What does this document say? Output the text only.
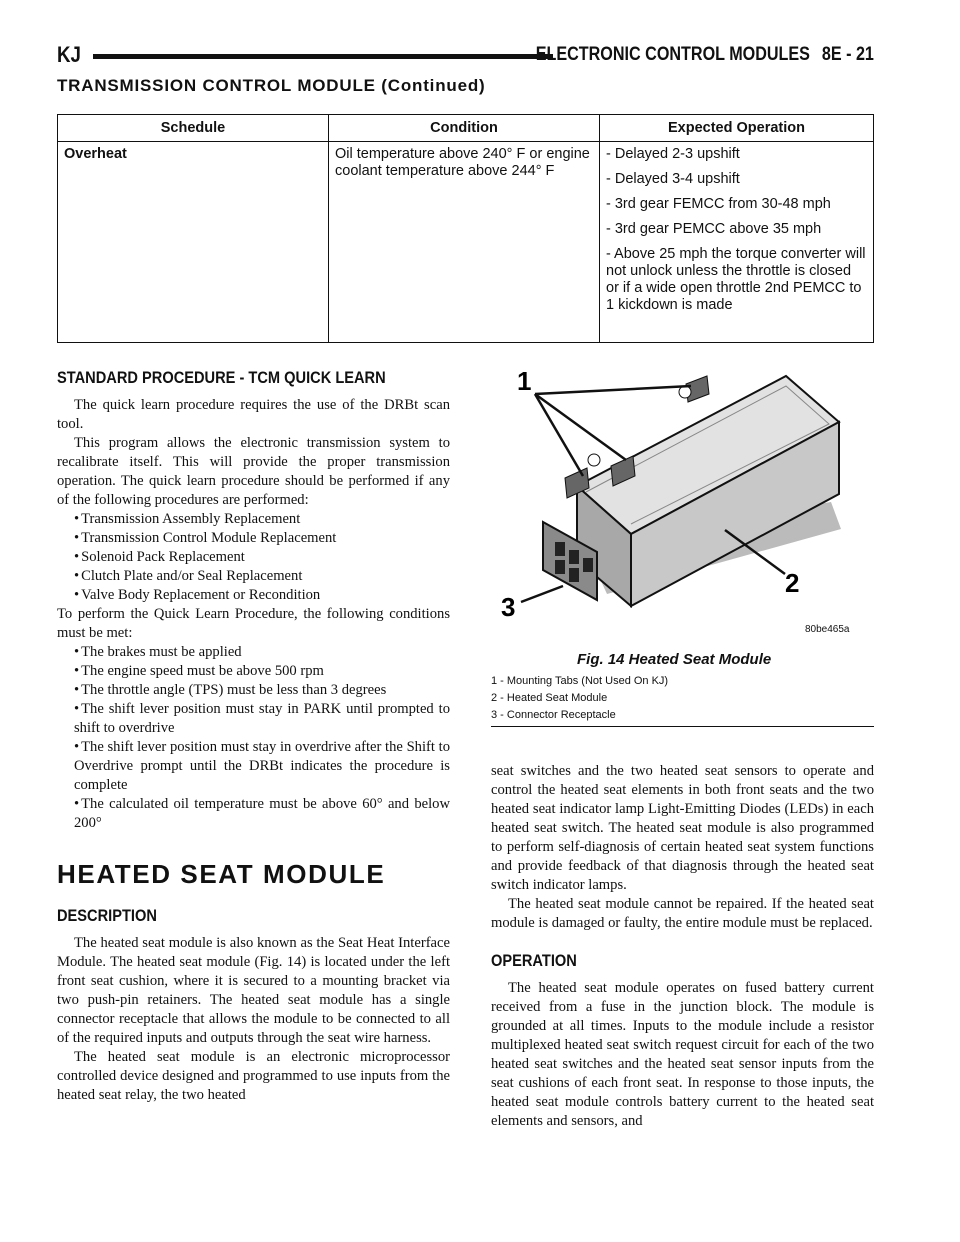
KJ	ELECTRONIC CONTROL MODULES 8E - 21
TRANSMISSION CONTROL MODULE (Continued)
Schedule	Condition	Expected Operation
Overheat	Oil temperature above 240° F or engine coolant temperature above 244° F	- Delayed 2-3 upshift

- Delayed 3-4 upshift

- 3rd gear FEMCC from 30-48 mph

- 3rd gear PEMCC above 35 mph

- Above 25 mph the torque converter will not unlock unless the throttle is closed or if a wide open throttle 2nd PEMCC to 1 kickdown is made

STANDARD PROCEDURE - TCM QUICK LEARN

The quick learn procedure requires the use of the DRBt scan tool.

This program allows the electronic transmission system to recalibrate itself. This will provide the proper transmission operation. The quick learn procedure should be performed if any of the following procedures are performed:

• Transmission Assembly Replacement

• Transmission Control Module Replacement

• Solenoid Pack Replacement

• Clutch Plate and/or Seal Replacement

• Valve Body Replacement or Recondition

To perform the Quick Learn Procedure, the following conditions must be met:

• The brakes must be applied

• The engine speed must be above 500 rpm

• The throttle angle (TPS) must be less than 3 degrees

• The shift lever position must stay in PARK until prompted to shift to overdrive

• The shift lever position must stay in overdrive after the Shift to Overdrive prompt until the DRBt indicates the procedure is complete

• The calculated oil temperature must be above 60° and below 200°

HEATED SEAT MODULE
DESCRIPTION

The heated seat module is also known as the Seat Heat Interface Module. The heated seat module (Fig. 14) is located under the left front seat cushion, where it is secured to a mounting bracket via two push-pin retainers. The heated seat module has a single connector receptacle that allows the module to be connected to all of the required inputs and outputs through the seat wire harness.

The heated seat module is an electronic microprocessor controlled device designed and programmed to use inputs from the heated seat relay, the two heated

1
2
3
80be465a
Fig. 14 Heated Seat Module
1 - Mounting Tabs (Not Used On KJ)
2 - Heated Seat Module
3 - Connector Receptacle

seat switches and the two heated seat sensors to operate and control the heated seat elements in both front seats and the two heated seat indicator lamp Light-Emitting Diodes (LEDs) in each heated seat switch. The heated seat module is also programmed to perform self-diagnosis of certain heated seat system functions and provide feedback of that diagnosis through the heated seat switch indicator lamps.

The heated seat module cannot be repaired. If the heated seat module is damaged or faulty, the entire module must be replaced.

OPERATION

The heated seat module operates on fused battery current received from a fuse in the junction block. The module is grounded at all times. Inputs to the module include a resistor multiplexed heated seat switch request circuit for each of the two heated seat switches and the heated seat sensor inputs from the seat cushions of each front seat. In response to those inputs, the heated seat module controls battery current to the heated seat elements and sensors, and
